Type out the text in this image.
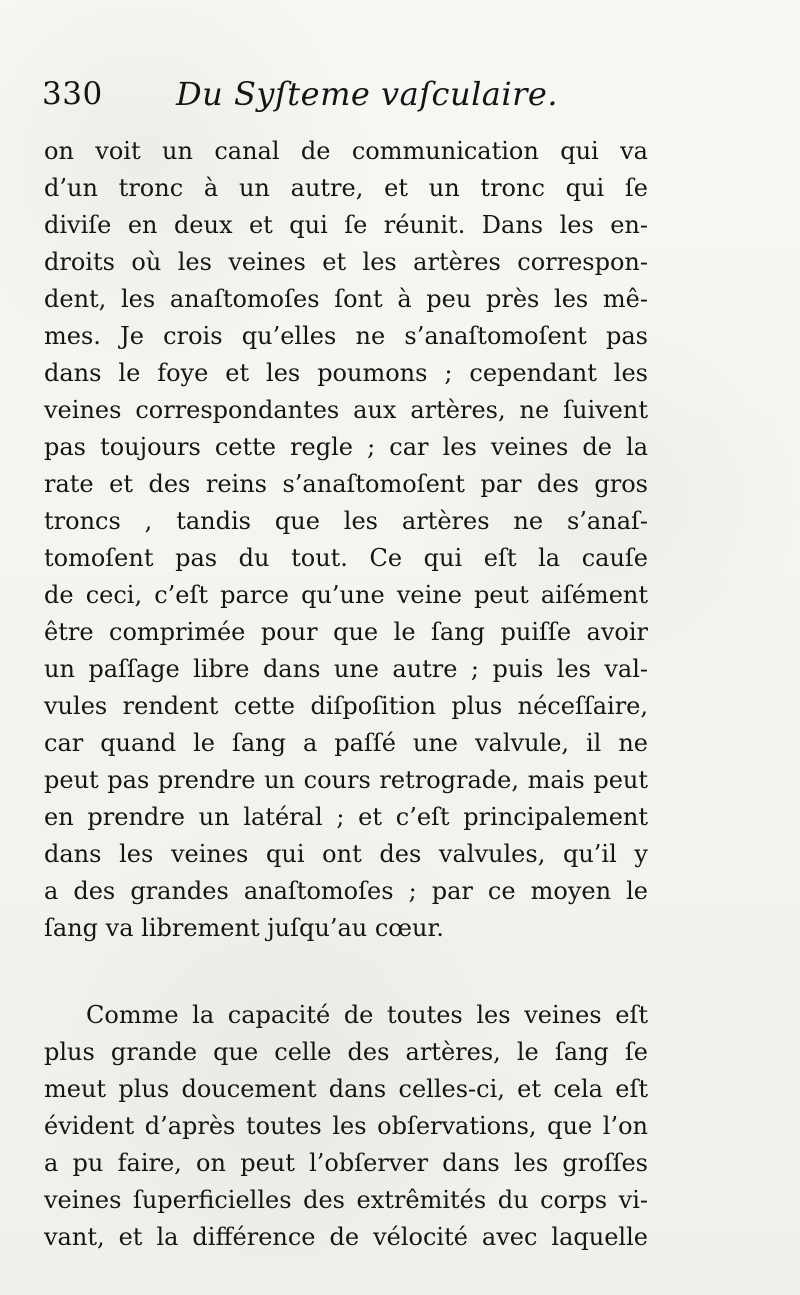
330 Du Syſteme vaſculaire.

on voit un canal de communication qui va
d’un tronc à un autre, et un tronc qui ſe
diviſe en deux et qui ſe réunit. Dans les en-
droits où les veines et les artères correspon-
dent, les anaſtomoſes ſont à peu près les mê-
mes. Je crois qu’elles ne s’anaſtomoſent pas
dans le foye et les poumons ; cependant les
veines correspondantes aux artères, ne ſuivent
pas toujours cette regle ; car les veines de la
rate et des reins s’anaſtomoſent par des gros
troncs , tandis que les artères ne s’anaſ-
tomoſent pas du tout. Ce qui eſt la cauſe
de ceci, c’eſt parce qu’une veine peut aiſément
être comprimée pour que le ſang puiſſe avoir
un paſſage libre dans une autre ; puis les val-
vules rendent cette diſpoſition plus néceſſaire,
car quand le ſang a paſſé une valvule, il ne
peut pas prendre un cours retrograde, mais peut
en prendre un latéral ; et c’eſt principalement
dans les veines qui ont des valvules, qu’il y
a des grandes anaſtomoſes ; par ce moyen le
ſang va librement juſqu’au cœur.

Comme la capacité de toutes les veines eſt
plus grande que celle des artères, le ſang ſe
meut plus doucement dans celles-ci, et cela eſt
évident d’après toutes les obſervations, que l’on
a pu faire, on peut l’obſerver dans les groſſes
veines ſuperficielles des extrêmités du corps vi-
vant, et la différence de vélocité avec laquelle
